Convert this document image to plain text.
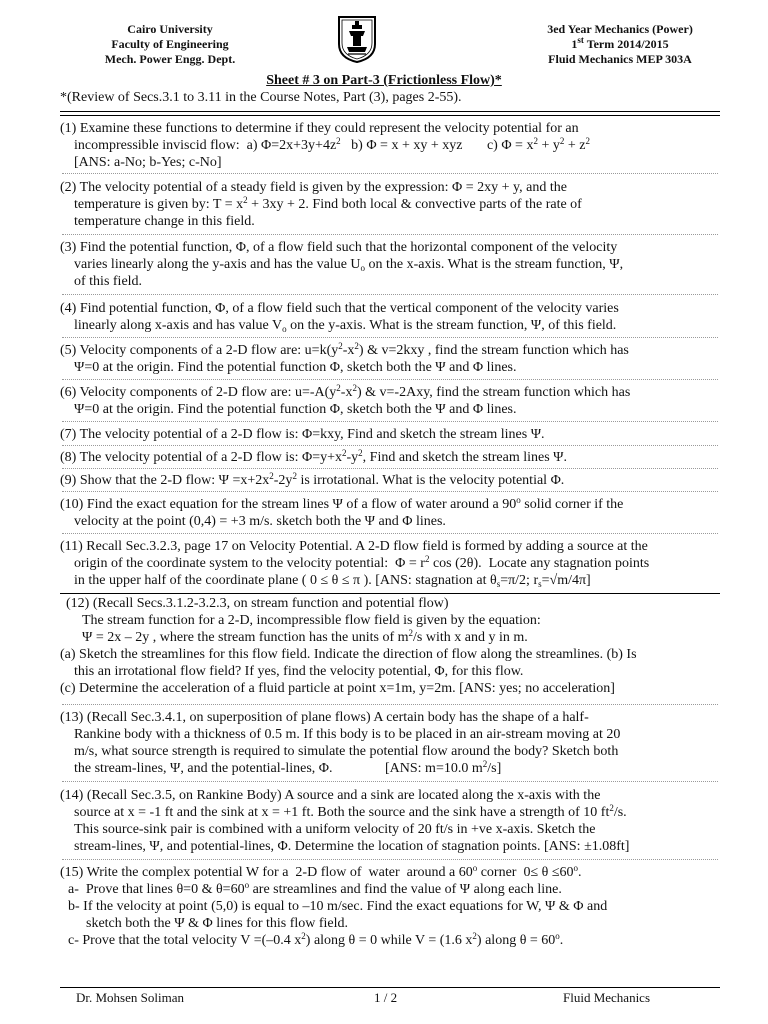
Cairo University
Faculty of Engineering
Mech. Power Engg. Dept.
3ed Year Mechanics (Power)
1st Term 2014/2015
Fluid Mechanics MEP 303A
Sheet # 3 on Part-3 (Frictionless Flow)*
*(Review of Secs.3.1 to 3.11 in the Course Notes, Part (3), pages 2-55).

(1) Examine these functions to determine if they could represent the velocity potential for an

incompressible inviscid flow:  a) $\Phi=2x+3y+4z^2$   b) Φ = x + xy + xyz       c) $\Phi = x^2 + y^2 + z^2$

[ANS: a-No; b-Yes; c-No]

(2) The velocity potential of a steady field is given by the expression: Φ = 2xy + y, and the

temperature is given by: $T = x^2 + 3xy + 2$. Find both local & convective parts of the rate of

temperature change in this field.

(3) Find the potential function, Φ, of a flow field such that the horizontal component of the velocity

varies linearly along the y-axis and has the value $U_o$ on the x-axis. What is the stream function, Ψ,

of this field.

(4) Find potential function, Φ, of a flow field such that the vertical component of the velocity varies

linearly along x-axis and has value $V_o$ on the y-axis. What is the stream function, Ψ, of this field.

(5) Velocity components of a 2-D flow are: $u=k(y^2-x^2)$ & v=2kxy , find the stream function which has

Ψ=0 at the origin. Find the potential function Φ, sketch both the Ψ and Φ lines.

(6) Velocity components of 2-D flow are: $u=-A(y^2-x^2)$ & v=-2Axy, find the stream function which has

Ψ=0 at the origin. Find the potential function Φ, sketch both the Ψ and Φ lines.

(7) The velocity potential of a 2-D flow is: Φ=kxy, Find and sketch the stream lines Ψ.

(8) The velocity potential of a 2-D flow is: $\Phi=y+x^2-y^2$, Find and sketch the stream lines Ψ.

(9) Show that the 2-D flow: $\Psi =x+2x^2-2y^2$ is irrotational. What is the velocity potential Φ.

(10) Find the exact equation for the stream lines Ψ of a flow of water around a 90$^o$ solid corner if the

velocity at the point (0,4) = +3 m/s. sketch both the Ψ and Φ lines.

(11) Recall Sec.3.2.3, page 17 on Velocity Potential. A 2-D flow field is formed by adding a source at the

origin of the coordinate system to the velocity potential:  $\Phi = r^2$ cos (2θ).  Locate any stagnation points

in the upper half of the coordinate plane ( 0 ≤ θ ≤ π ). [ANS: stagnation at $\theta_s=\pi/2$; $r_s=√m/4\pi$]

(12) (Recall Secs.3.1.2-3.2.3, on stream function and potential flow)

The stream function for a 2-D, incompressible flow field is given by the equation:

Ψ = 2x – 2y , where the stream function has the units of $m^2/s$ with x and y in m.

(a) Sketch the streamlines for this flow field. Indicate the direction of flow along the streamlines. (b) Is

this an irrotational flow field? If yes, find the velocity potential, Φ, for this flow.

(c) Determine the acceleration of a fluid particle at point x=1m, y=2m. [ANS: yes; no acceleration]

(13) (Recall Sec.3.4.1, on superposition of plane flows) A certain body has the shape of a half-

Rankine body with a thickness of 0.5 m. If this body is to be placed in an air-stream moving at 20

m/s, what source strength is required to simulate the potential flow around the body? Sketch both

the stream-lines, Ψ, and the potential-lines, Φ.               [ANS: m=10.0 $m^2/s$]

(14) (Recall Sec.3.5, on Rankine Body) A source and a sink are located along the x-axis with the

source at x = -1 ft and the sink at x = +1 ft. Both the source and the sink have a strength of 10 $ft^2/s$.

This source-sink pair is combined with a uniform velocity of 20 ft/s in +ve x-axis. Sketch the

stream-lines, Ψ, and potential-lines, Φ. Determine the location of stagnation points. [ANS: ±1.08ft]

(15) Write the complex potential W for a  2-D flow of  water  around a 60$^o$ corner  $0\le \theta \le 60^o$.

a-  Prove that lines θ=0 & $\theta=60^o$ are streamlines and find the value of Ψ along each line.

b- If the velocity at point (5,0) is equal to –10 m/sec. Find the exact equations for W, Ψ & Φ and

sketch both the Ψ & Φ lines for this flow field.

c- Prove that the total velocity V =(–0.4 $x^2$) along θ = 0 while V = (1.6 $x^2$) along $\theta = 60^o$.

Dr. Mohsen Soliman	1 / 2	Fluid Mechanics
